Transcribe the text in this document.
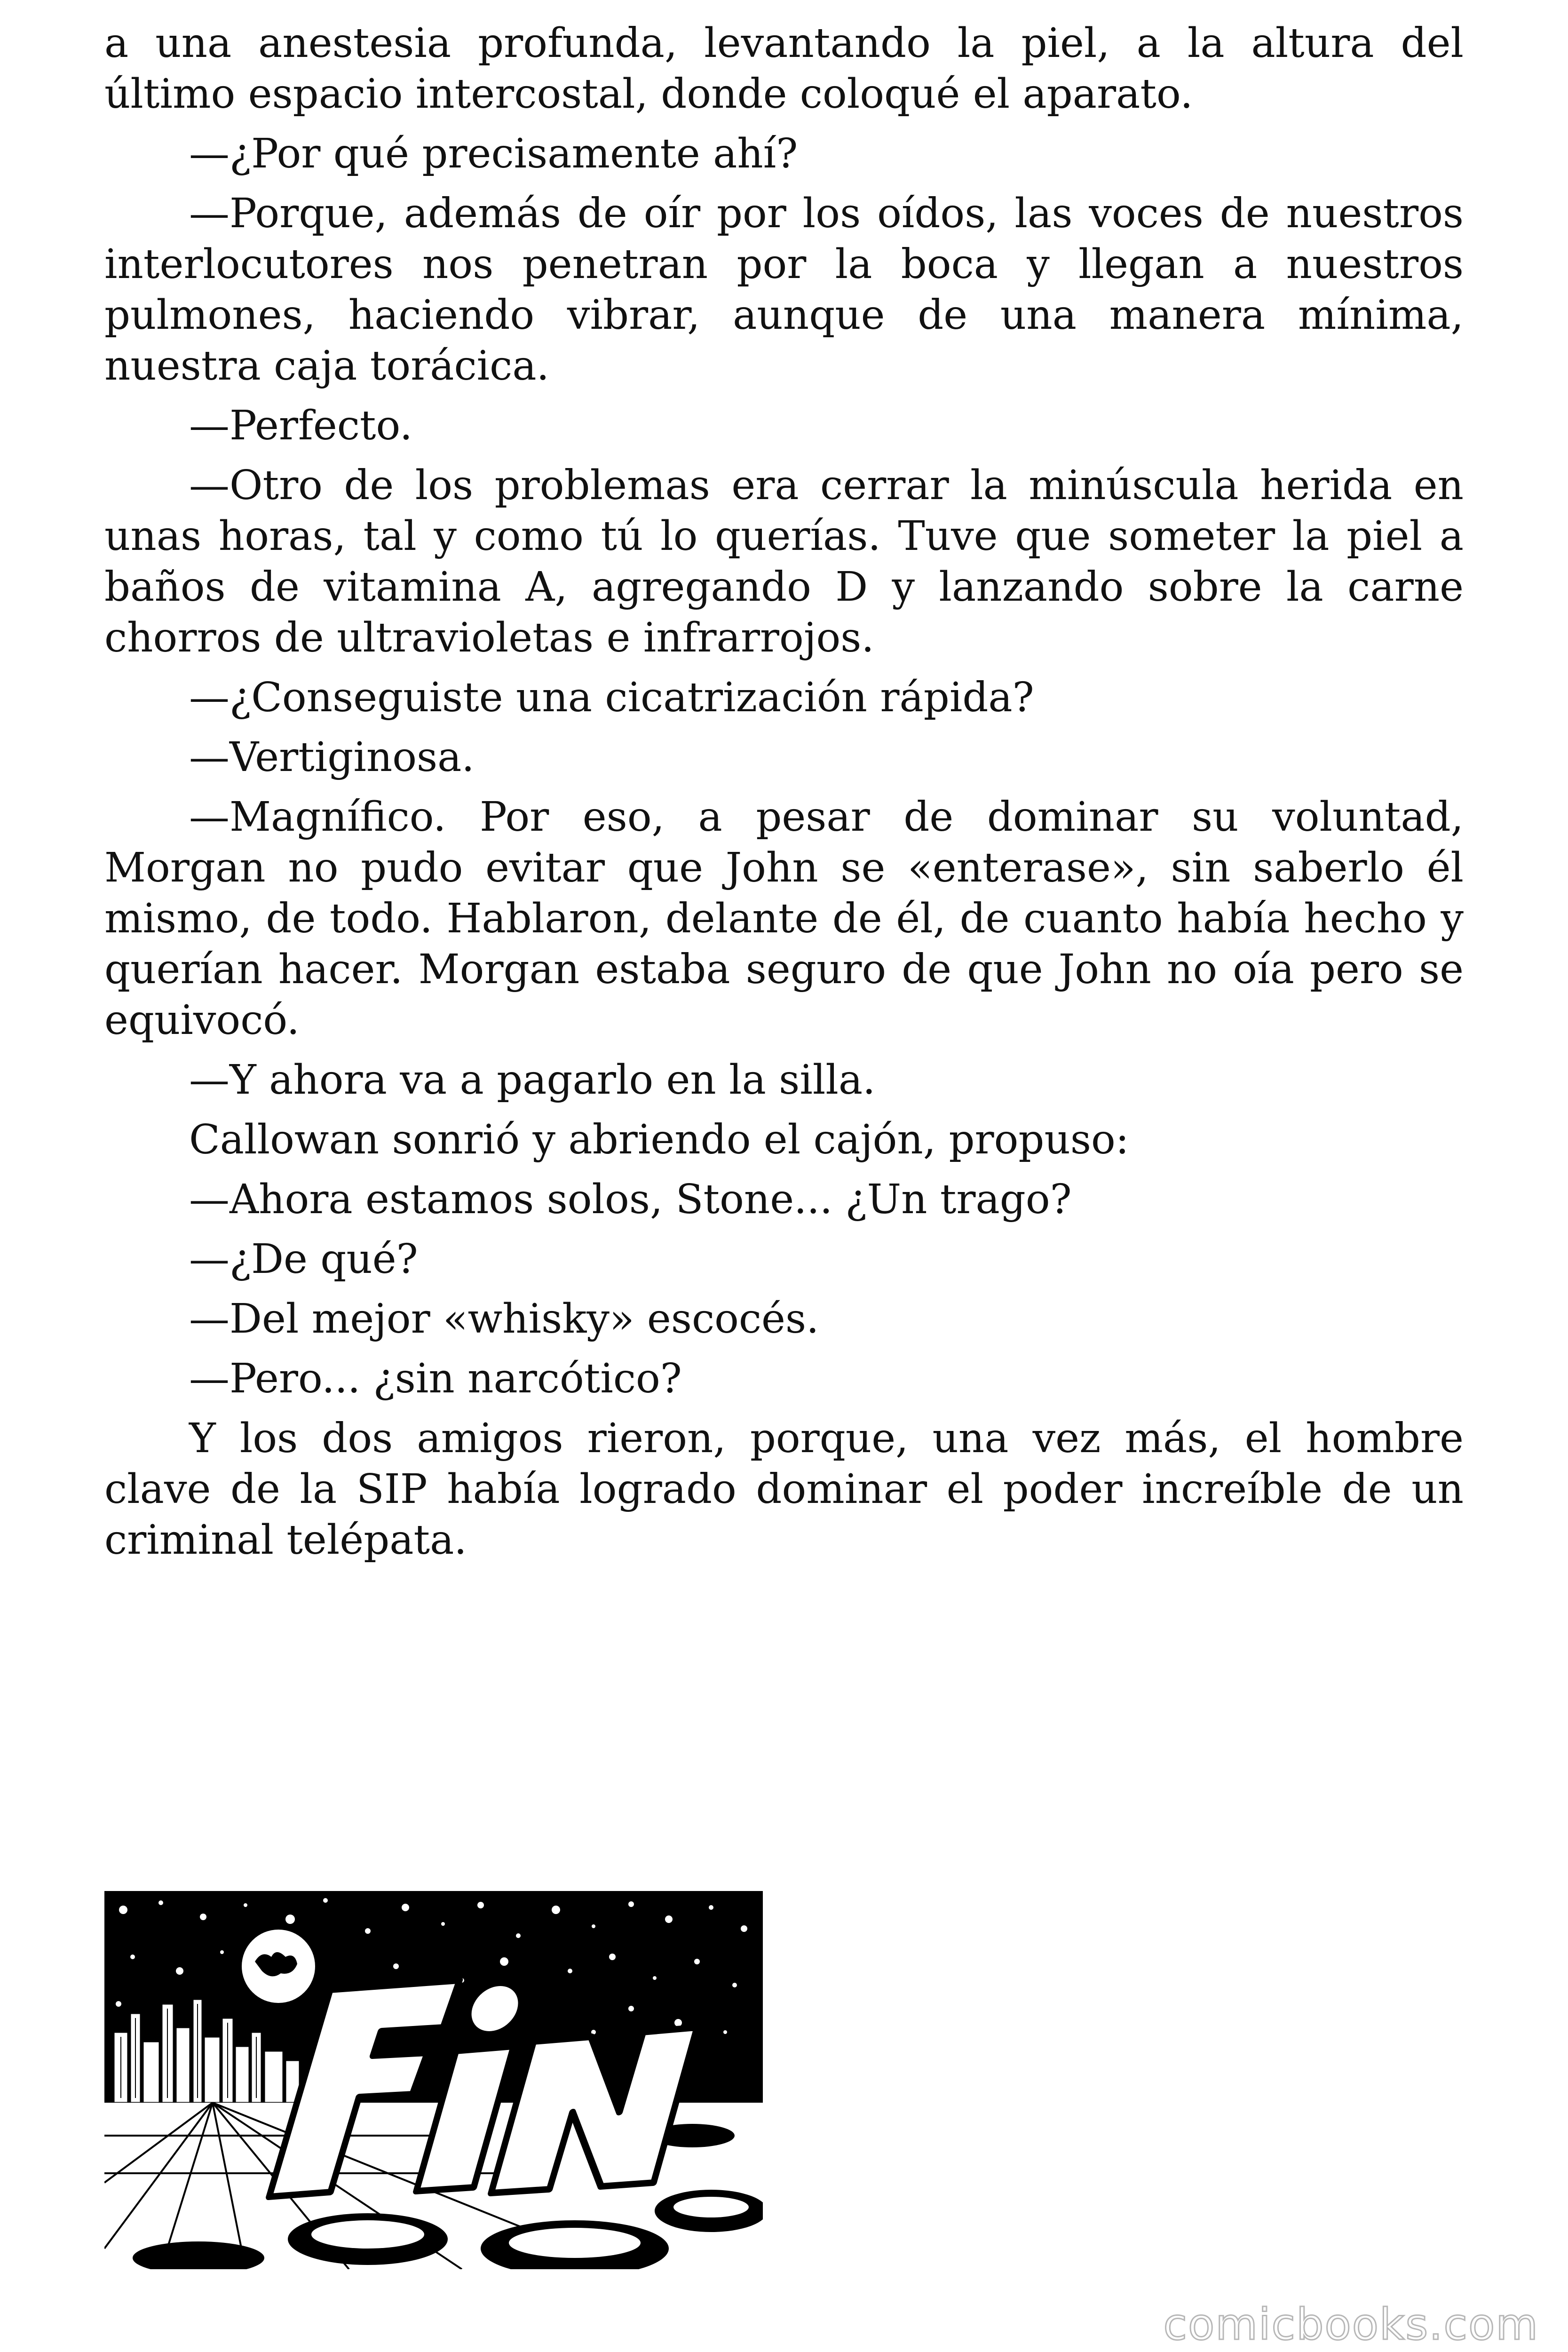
a una anestesia profunda, levantando la piel, a la altura del último espacio intercostal, donde coloqué el aparato.

—¿Por qué precisamente ahí?

—Porque, además de oír por los oídos, las voces de nuestros interlocutores nos penetran por la boca y llegan a nuestros pulmones, haciendo vibrar, aunque de una manera mínima, nuestra caja torácica.

—Perfecto.

—Otro de los problemas era cerrar la minúscula herida en unas horas, tal y como tú lo querías. Tuve que someter la piel a baños de vitamina A, agregando D y lanzando sobre la carne chorros de ultravioletas e infrarrojos.

—¿Conseguiste una cicatrización rápida?

—Vertiginosa.

—Magnífico. Por eso, a pesar de dominar su voluntad, Morgan no pudo evitar que John se «enterase», sin saberlo él mismo, de todo. Hablaron, delante de él, de cuanto había hecho y querían hacer. Morgan estaba seguro de que John no oía pero se equivocó.

—Y ahora va a pagarlo en la silla.

Callowan sonrió y abriendo el cajón, propuso:

—Ahora estamos solos, Stone... ¿Un trago?

—¿De qué?

—Del mejor «whisky» escocés.

—Pero... ¿sin narcótico?

Y los dos amigos rieron, porque, una vez más, el hombre clave de la SIP había logrado dominar el poder increíble de un criminal telépata.

comicbooks.com
